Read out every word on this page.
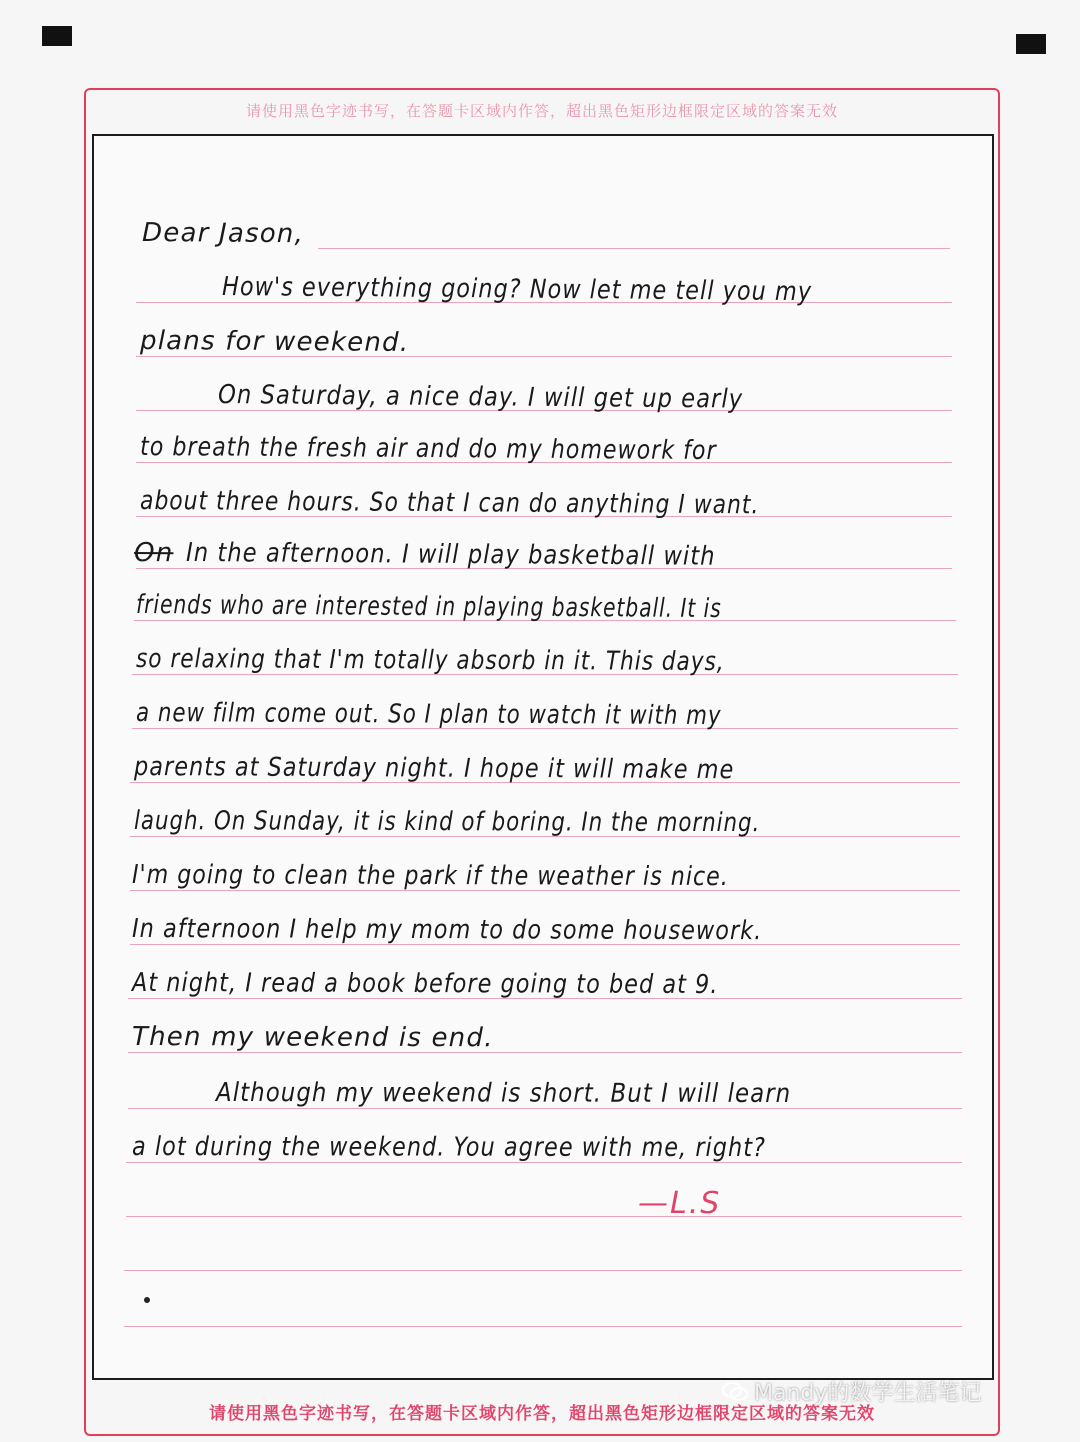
请使用黑色字迹书写，在答题卡区域内作答，超出黑色矩形边框限定区域的答案无效
请使用黑色字迹书写，在答题卡区域内作答，超出黑色矩形边框限定区域的答案无效
Dear Jason,
How's everything going? Now let me tell you my
plans for weekend.
On Saturday, a nice day. I will get up early
to breath the fresh air and do my homework for
about three hours. So that I can do anything I want.
On In the afternoon. I will play basketball with
friends who are interested in playing basketball. It is
so relaxing that I'm totally absorb in it. This days,
a new film come out. So I plan to watch it with my
parents at Saturday night. I hope it will make me
laugh. On Sunday, it is kind of boring. In the morning.
I'm going to clean the park if the weather is nice.
In afternoon I help my mom to do some housework.
At night, I read a book before going to bed at 9.
Then my weekend is end.
Although my weekend is short. But I will learn
a lot during the weekend. You agree with me, right?
—L.S
Mandy的数学生活笔记
